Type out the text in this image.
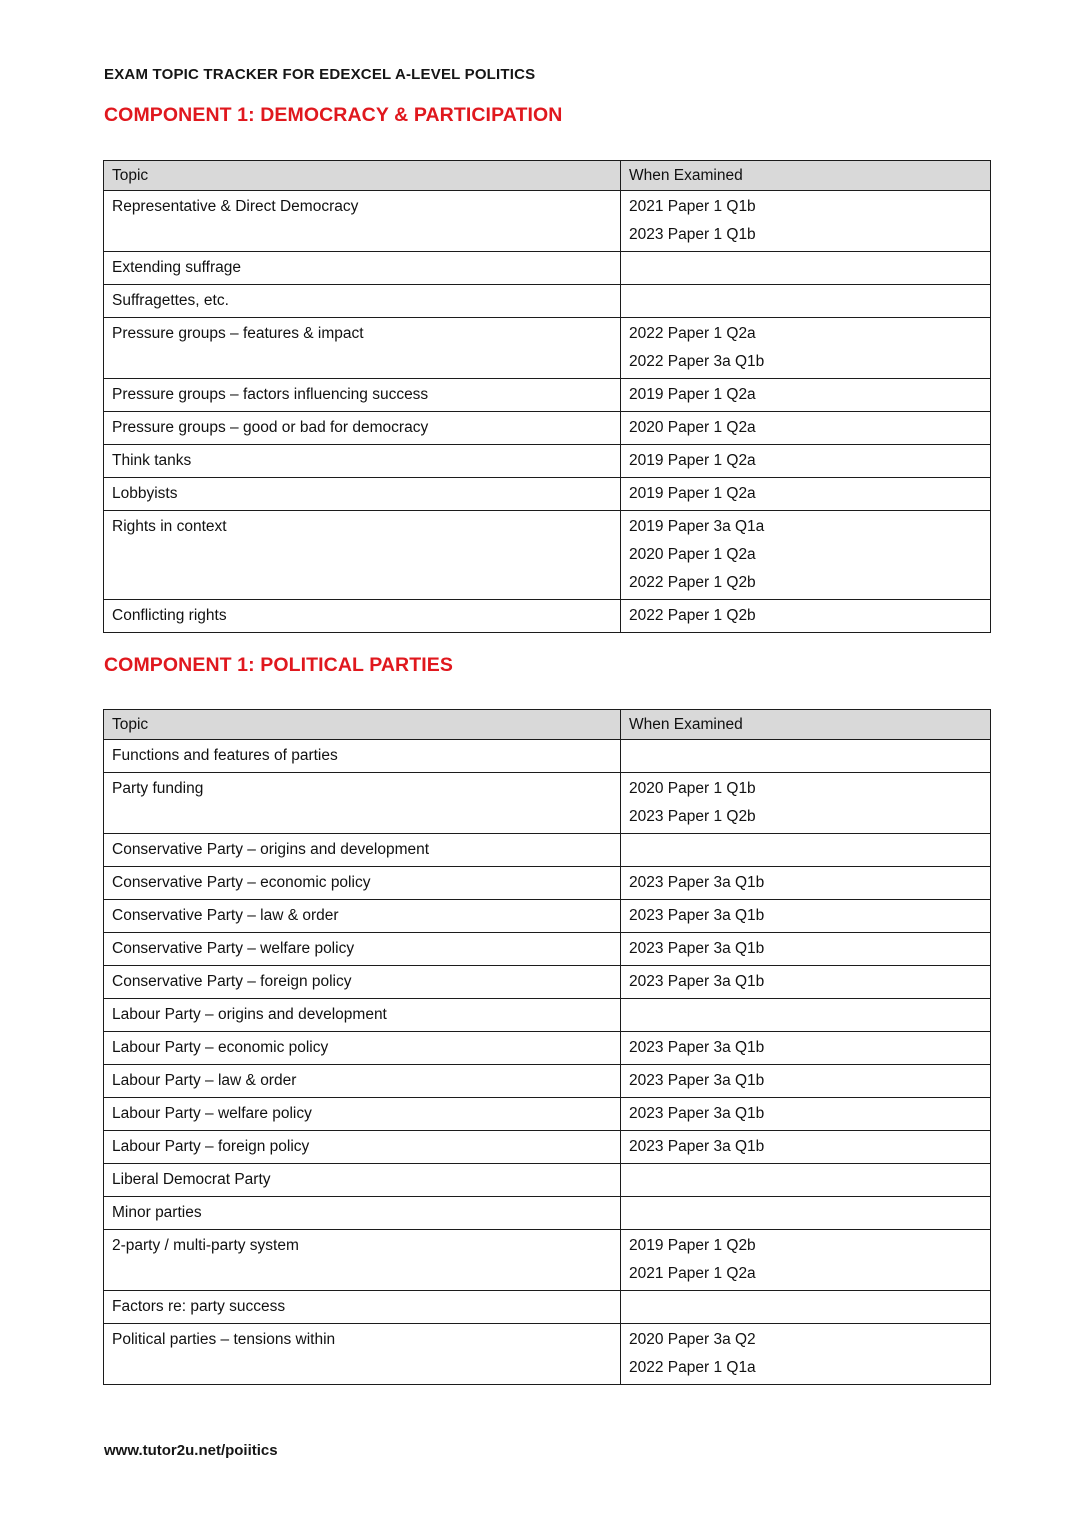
EXAM TOPIC TRACKER FOR EDEXCEL A-LEVEL POLITICS
COMPONENT 1: DEMOCRACY & PARTICIPATION
Topic	When Examined
Representative & Direct Democracy	2021 Paper 1 Q1b
2023 Paper 1 Q1b

Extending suffrage	
Suffragettes, etc.	
Pressure groups – features & impact	2022 Paper 1 Q2a
2022 Paper 3a Q1b

Pressure groups – factors influencing success	2019 Paper 1 Q2a

Pressure groups – good or bad for democracy	2020 Paper 1 Q2a

Think tanks	2019 Paper 1 Q2a

Lobbyists	2019 Paper 1 Q2a

Rights in context	2019 Paper 3a Q1a
2020 Paper 1 Q2a
2022 Paper 1 Q2b

Conflicting rights	2022 Paper 1 Q2b
COMPONENT 1: POLITICAL PARTIES
Topic	When Examined
Functions and features of parties	
Party funding	2020 Paper 1 Q1b
2023 Paper 1 Q2b

Conservative Party – origins and development	
Conservative Party – economic policy	2023 Paper 3a Q1b

Conservative Party – law & order	2023 Paper 3a Q1b

Conservative Party – welfare policy	2023 Paper 3a Q1b

Conservative Party – foreign policy	2023 Paper 3a Q1b

Labour Party – origins and development	
Labour Party – economic policy	2023 Paper 3a Q1b

Labour Party – law & order	2023 Paper 3a Q1b

Labour Party – welfare policy	2023 Paper 3a Q1b

Labour Party – foreign policy	2023 Paper 3a Q1b

Liberal Democrat Party	
Minor parties	
2-party / multi-party system	2019 Paper 1 Q2b
2021 Paper 1 Q2a

Factors re: party success	
Political parties – tensions within	2020 Paper 3a Q2
2022 Paper 1 Q1a
www.tutor2u.net/poiitics
